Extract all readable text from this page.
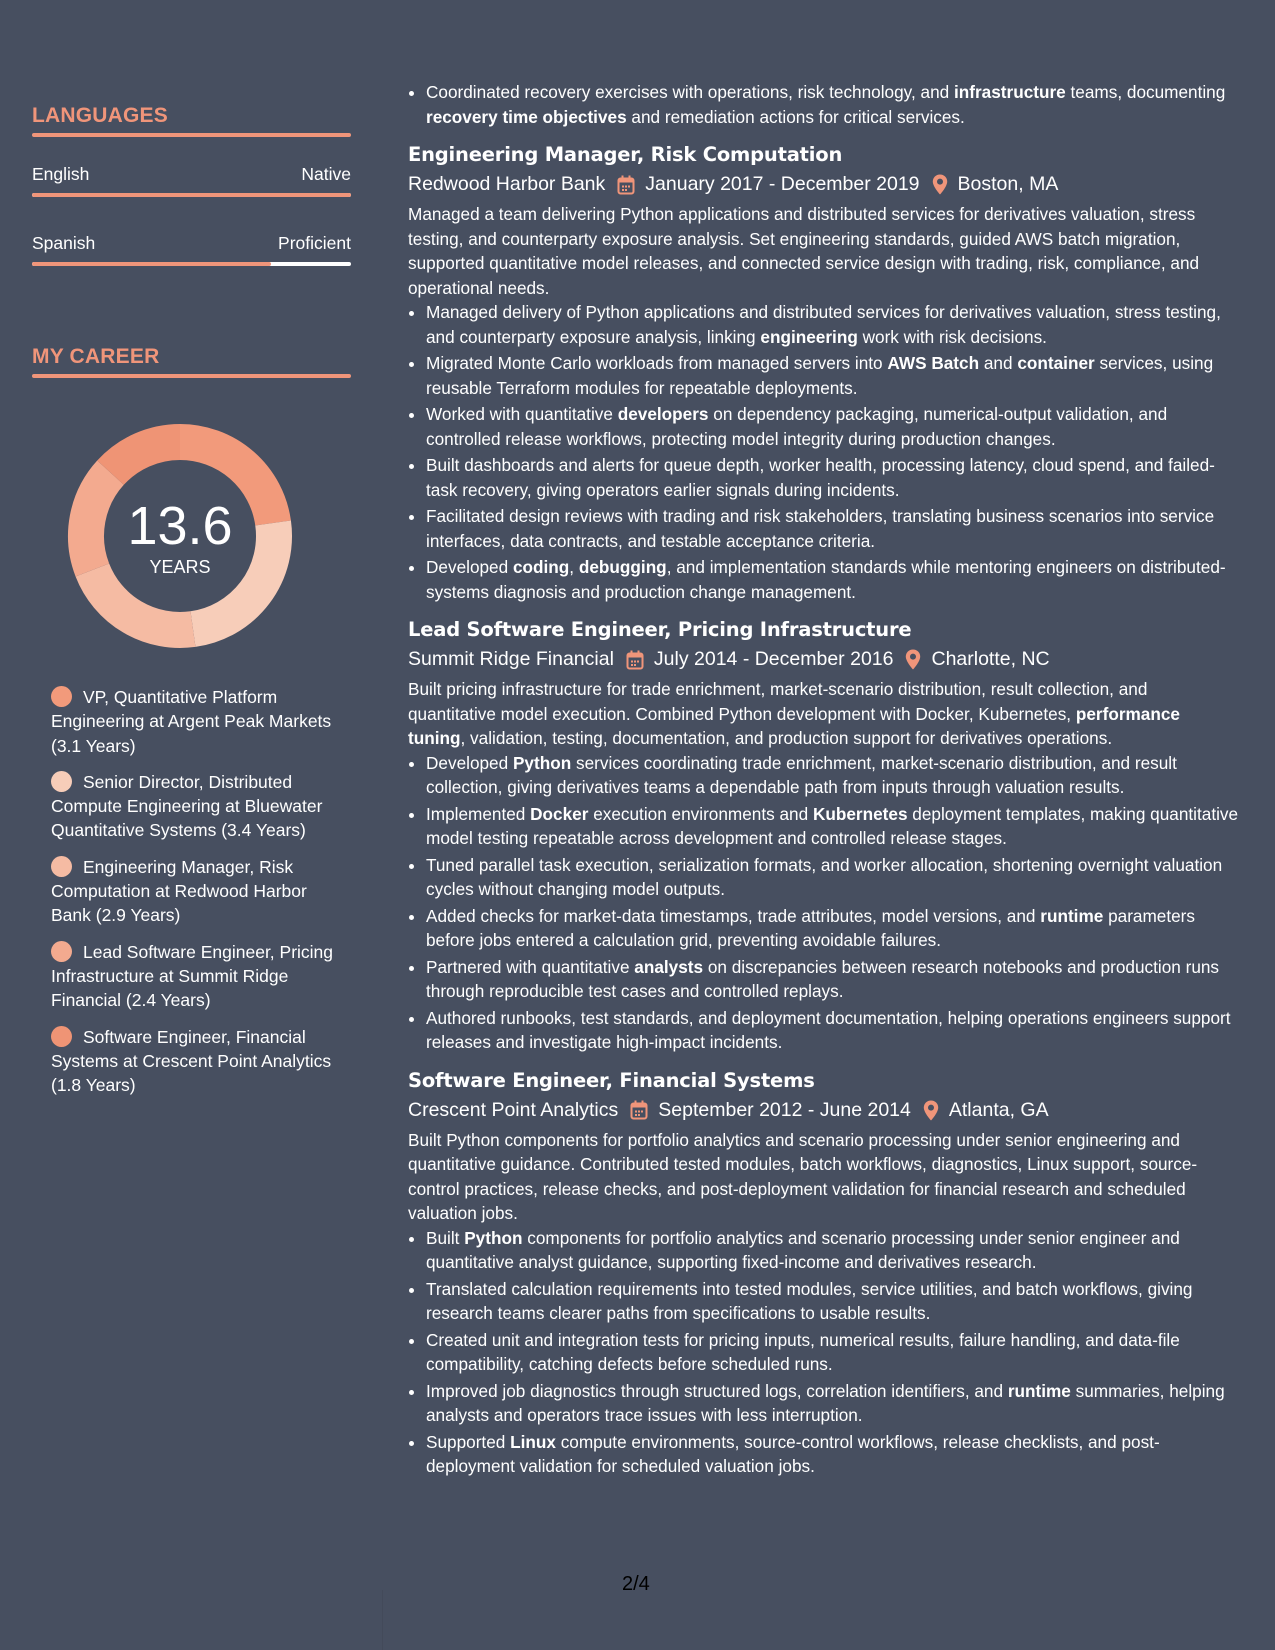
LANGUAGES
English	Native
Spanish	Proficient
MY CAREER
13.6
YEARS
VP, Quantitative Platform Engineering at Argent Peak Markets (3.1 Years)
Senior Director, Distributed Compute Engineering at Bluewater Quantitative Systems (3.4 Years)
Engineering Manager, Risk Computation at Redwood Harbor Bank (2.9 Years)
Lead Software Engineer, Pricing Infrastructure at Summit Ridge Financial (2.4 Years)
Software Engineer, Financial Systems at Crescent Point Analytics (1.8 Years)
• Coordinated recovery exercises with operations, risk technology, and infrastructure teams, documenting recovery time objectives and remediation actions for critical services.
Engineering Manager, Risk Computation
Redwood Harbor Bank January 2017 - December 2019 Boston, MA
Managed a team delivering Python applications and distributed services for derivatives valuation, stress testing, and counterparty exposure analysis. Set engineering standards, guided AWS batch migration, supported quantitative model releases, and connected service design with trading, risk, compliance, and operational needs.
• Managed delivery of Python applications and distributed services for derivatives valuation, stress testing, and counterparty exposure analysis, linking engineering work with risk decisions.
• Migrated Monte Carlo workloads from managed servers into AWS Batch and container services, using reusable Terraform modules for repeatable deployments.
• Worked with quantitative developers on dependency packaging, numerical-output validation, and controlled release workflows, protecting model integrity during production changes.
• Built dashboards and alerts for queue depth, worker health, processing latency, cloud spend, and failed-task recovery, giving operators earlier signals during incidents.
• Facilitated design reviews with trading and risk stakeholders, translating business scenarios into service interfaces, data contracts, and testable acceptance criteria.
• Developed coding, debugging, and implementation standards while mentoring engineers on distributed-systems diagnosis and production change management.
Lead Software Engineer, Pricing Infrastructure
Summit Ridge Financial July 2014 - December 2016 Charlotte, NC
Built pricing infrastructure for trade enrichment, market-scenario distribution, result collection, and quantitative model execution. Combined Python development with Docker, Kubernetes, performance tuning, validation, testing, documentation, and production support for derivatives operations.
• Developed Python services coordinating trade enrichment, market-scenario distribution, and result collection, giving derivatives teams a dependable path from inputs through valuation results.
• Implemented Docker execution environments and Kubernetes deployment templates, making quantitative model testing repeatable across development and controlled release stages.
• Tuned parallel task execution, serialization formats, and worker allocation, shortening overnight valuation cycles without changing model outputs.
• Added checks for market-data timestamps, trade attributes, model versions, and runtime parameters before jobs entered a calculation grid, preventing avoidable failures.
• Partnered with quantitative analysts on discrepancies between research notebooks and production runs through reproducible test cases and controlled replays.
• Authored runbooks, test standards, and deployment documentation, helping operations engineers support releases and investigate high-impact incidents.
Software Engineer, Financial Systems
Crescent Point Analytics September 2012 - June 2014 Atlanta, GA
Built Python components for portfolio analytics and scenario processing under senior engineering and quantitative guidance. Contributed tested modules, batch workflows, diagnostics, Linux support, source-control practices, release checks, and post-deployment validation for financial research and scheduled valuation jobs.
• Built Python components for portfolio analytics and scenario processing under senior engineer and quantitative analyst guidance, supporting fixed-income and derivatives research.
• Translated calculation requirements into tested modules, service utilities, and batch workflows, giving research teams clearer paths from specifications to usable results.
• Created unit and integration tests for pricing inputs, numerical results, failure handling, and data-file compatibility, catching defects before scheduled runs.
• Improved job diagnostics through structured logs, correlation identifiers, and runtime summaries, helping analysts and operators trace issues with less interruption.
• Supported Linux compute environments, source-control workflows, release checklists, and post-deployment validation for scheduled valuation jobs.
2/4
